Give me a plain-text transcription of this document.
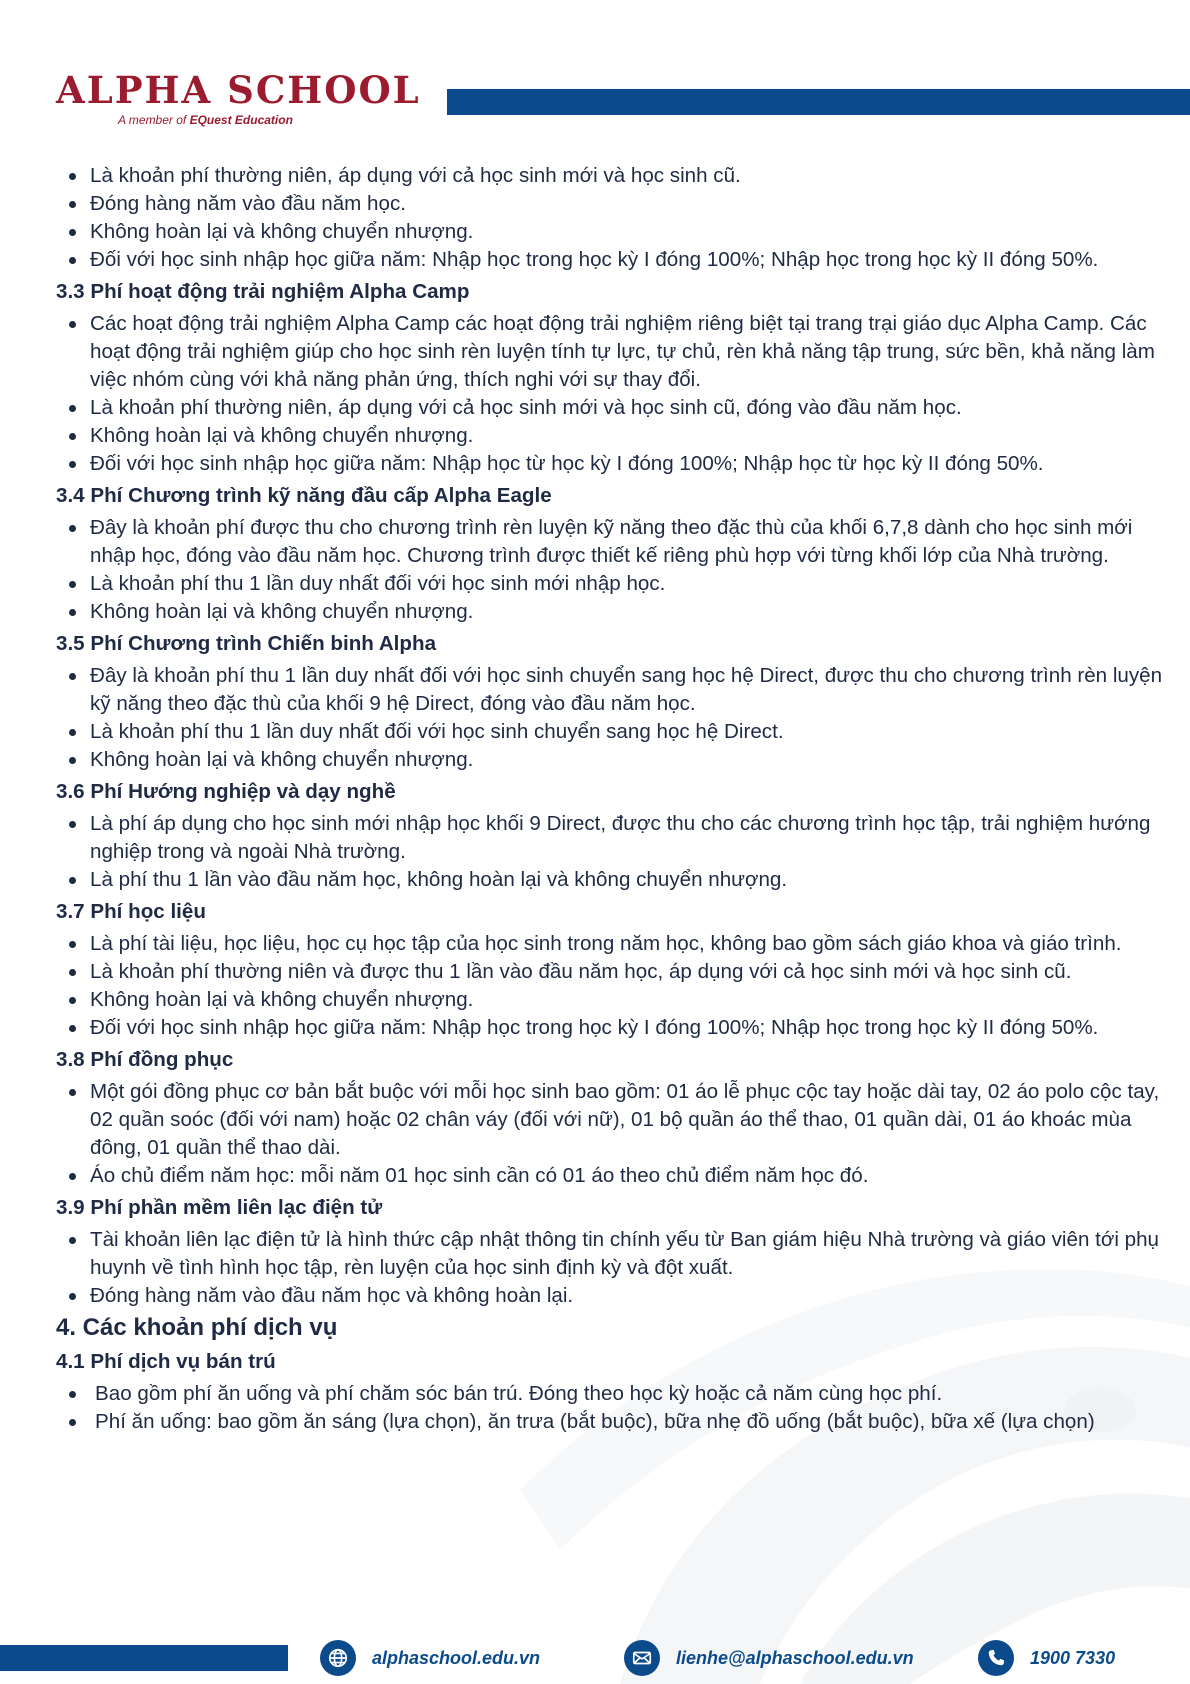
ALPHA SCHOOL
A member of EQuest Education
Là khoản phí thường niên, áp dụng với cả học sinh mới và học sinh cũ.
Đóng hàng năm vào đầu năm học.
Không hoàn lại và không chuyển nhượng.
Đối với học sinh nhập học giữa năm: Nhập học trong học kỳ I đóng 100%; Nhập học trong học kỳ II đóng 50%.
3.3 Phí hoạt động trải nghiệm Alpha Camp
Các hoạt động trải nghiệm Alpha Camp các hoạt động trải nghiệm riêng biệt tại trang trại giáo dục Alpha Camp. Các hoạt động trải nghiệm giúp cho học sinh rèn luyện tính tự lực, tự chủ, rèn khả năng tập trung, sức bền, khả năng làm việc nhóm cùng với khả năng phản ứng, thích nghi với sự thay đổi.
Là khoản phí thường niên, áp dụng với cả học sinh mới và học sinh cũ, đóng vào đầu năm học.
Không hoàn lại và không chuyển nhượng.
Đối với học sinh nhập học giữa năm: Nhập học từ học kỳ I đóng 100%; Nhập học từ học kỳ II đóng 50%.
3.4 Phí Chương trình kỹ năng đầu cấp Alpha Eagle
Đây là khoản phí được thu cho chương trình rèn luyện kỹ năng theo đặc thù của khối 6,7,8 dành cho học sinh mới nhập học, đóng vào đầu năm học. Chương trình được thiết kế riêng phù hợp với từng khối lớp của Nhà trường.
Là khoản phí thu 1 lần duy nhất đối với học sinh mới nhập học.
Không hoàn lại và không chuyển nhượng.
3.5 Phí Chương trình Chiến binh Alpha
Đây là khoản phí thu 1 lần duy nhất đối với học sinh chuyển sang học hệ Direct, được thu cho chương trình rèn luyện kỹ năng theo đặc thù của khối 9 hệ Direct, đóng vào đầu năm học.
Là khoản phí thu 1 lần duy nhất đối với học sinh chuyển sang học hệ Direct.
Không hoàn lại và không chuyển nhượng.
3.6 Phí Hướng nghiệp và dạy nghề
Là phí áp dụng cho học sinh mới nhập học khối 9 Direct, được thu cho các chương trình học tập, trải nghiệm hướng nghiệp trong và ngoài Nhà trường.
Là phí thu 1 lần vào đầu năm học, không hoàn lại và không chuyển nhượng.
3.7 Phí học liệu
Là phí tài liệu, học liệu, học cụ học tập của học sinh trong năm học, không bao gồm sách giáo khoa và giáo trình.
Là khoản phí thường niên và được thu 1 lần vào đầu năm học, áp dụng với cả học sinh mới và học sinh cũ.
Không hoàn lại và không chuyển nhượng.
Đối với học sinh nhập học giữa năm: Nhập học trong học kỳ I đóng 100%; Nhập học trong học kỳ II đóng 50%.
3.8 Phí đồng phục
Một gói đồng phục cơ bản bắt buộc với mỗi học sinh bao gồm: 01 áo lễ phục cộc tay hoặc dài tay, 02 áo polo cộc tay, 02 quần soóc (đối với nam) hoặc 02 chân váy (đối với nữ), 01 bộ quần áo thể thao, 01 quần dài, 01 áo khoác mùa đông, 01 quần thể thao dài.
Áo chủ điểm năm học: mỗi năm 01 học sinh cần có 01 áo theo chủ điểm năm học đó.
3.9 Phí phần mềm liên lạc điện tử
Tài khoản liên lạc điện tử là hình thức cập nhật thông tin chính yếu từ Ban giám hiệu Nhà trường và giáo viên tới phụ huynh về tình hình học tập, rèn luyện của học sinh định kỳ và đột xuất.
Đóng hàng năm vào đầu năm học và không hoàn lại.
4. Các khoản phí dịch vụ
4.1 Phí dịch vụ bán trú
Bao gồm phí ăn uống và phí chăm sóc bán trú. Đóng theo học kỳ hoặc cả năm cùng học phí.
Phí ăn uống: bao gồm ăn sáng (lựa chọn), ăn trưa (bắt buộc), bữa nhẹ đồ uống (bắt buộc), bữa xế (lựa chọn)
alphaschool.edu.vn	lienhe@alphaschool.edu.vn	1900 7330
